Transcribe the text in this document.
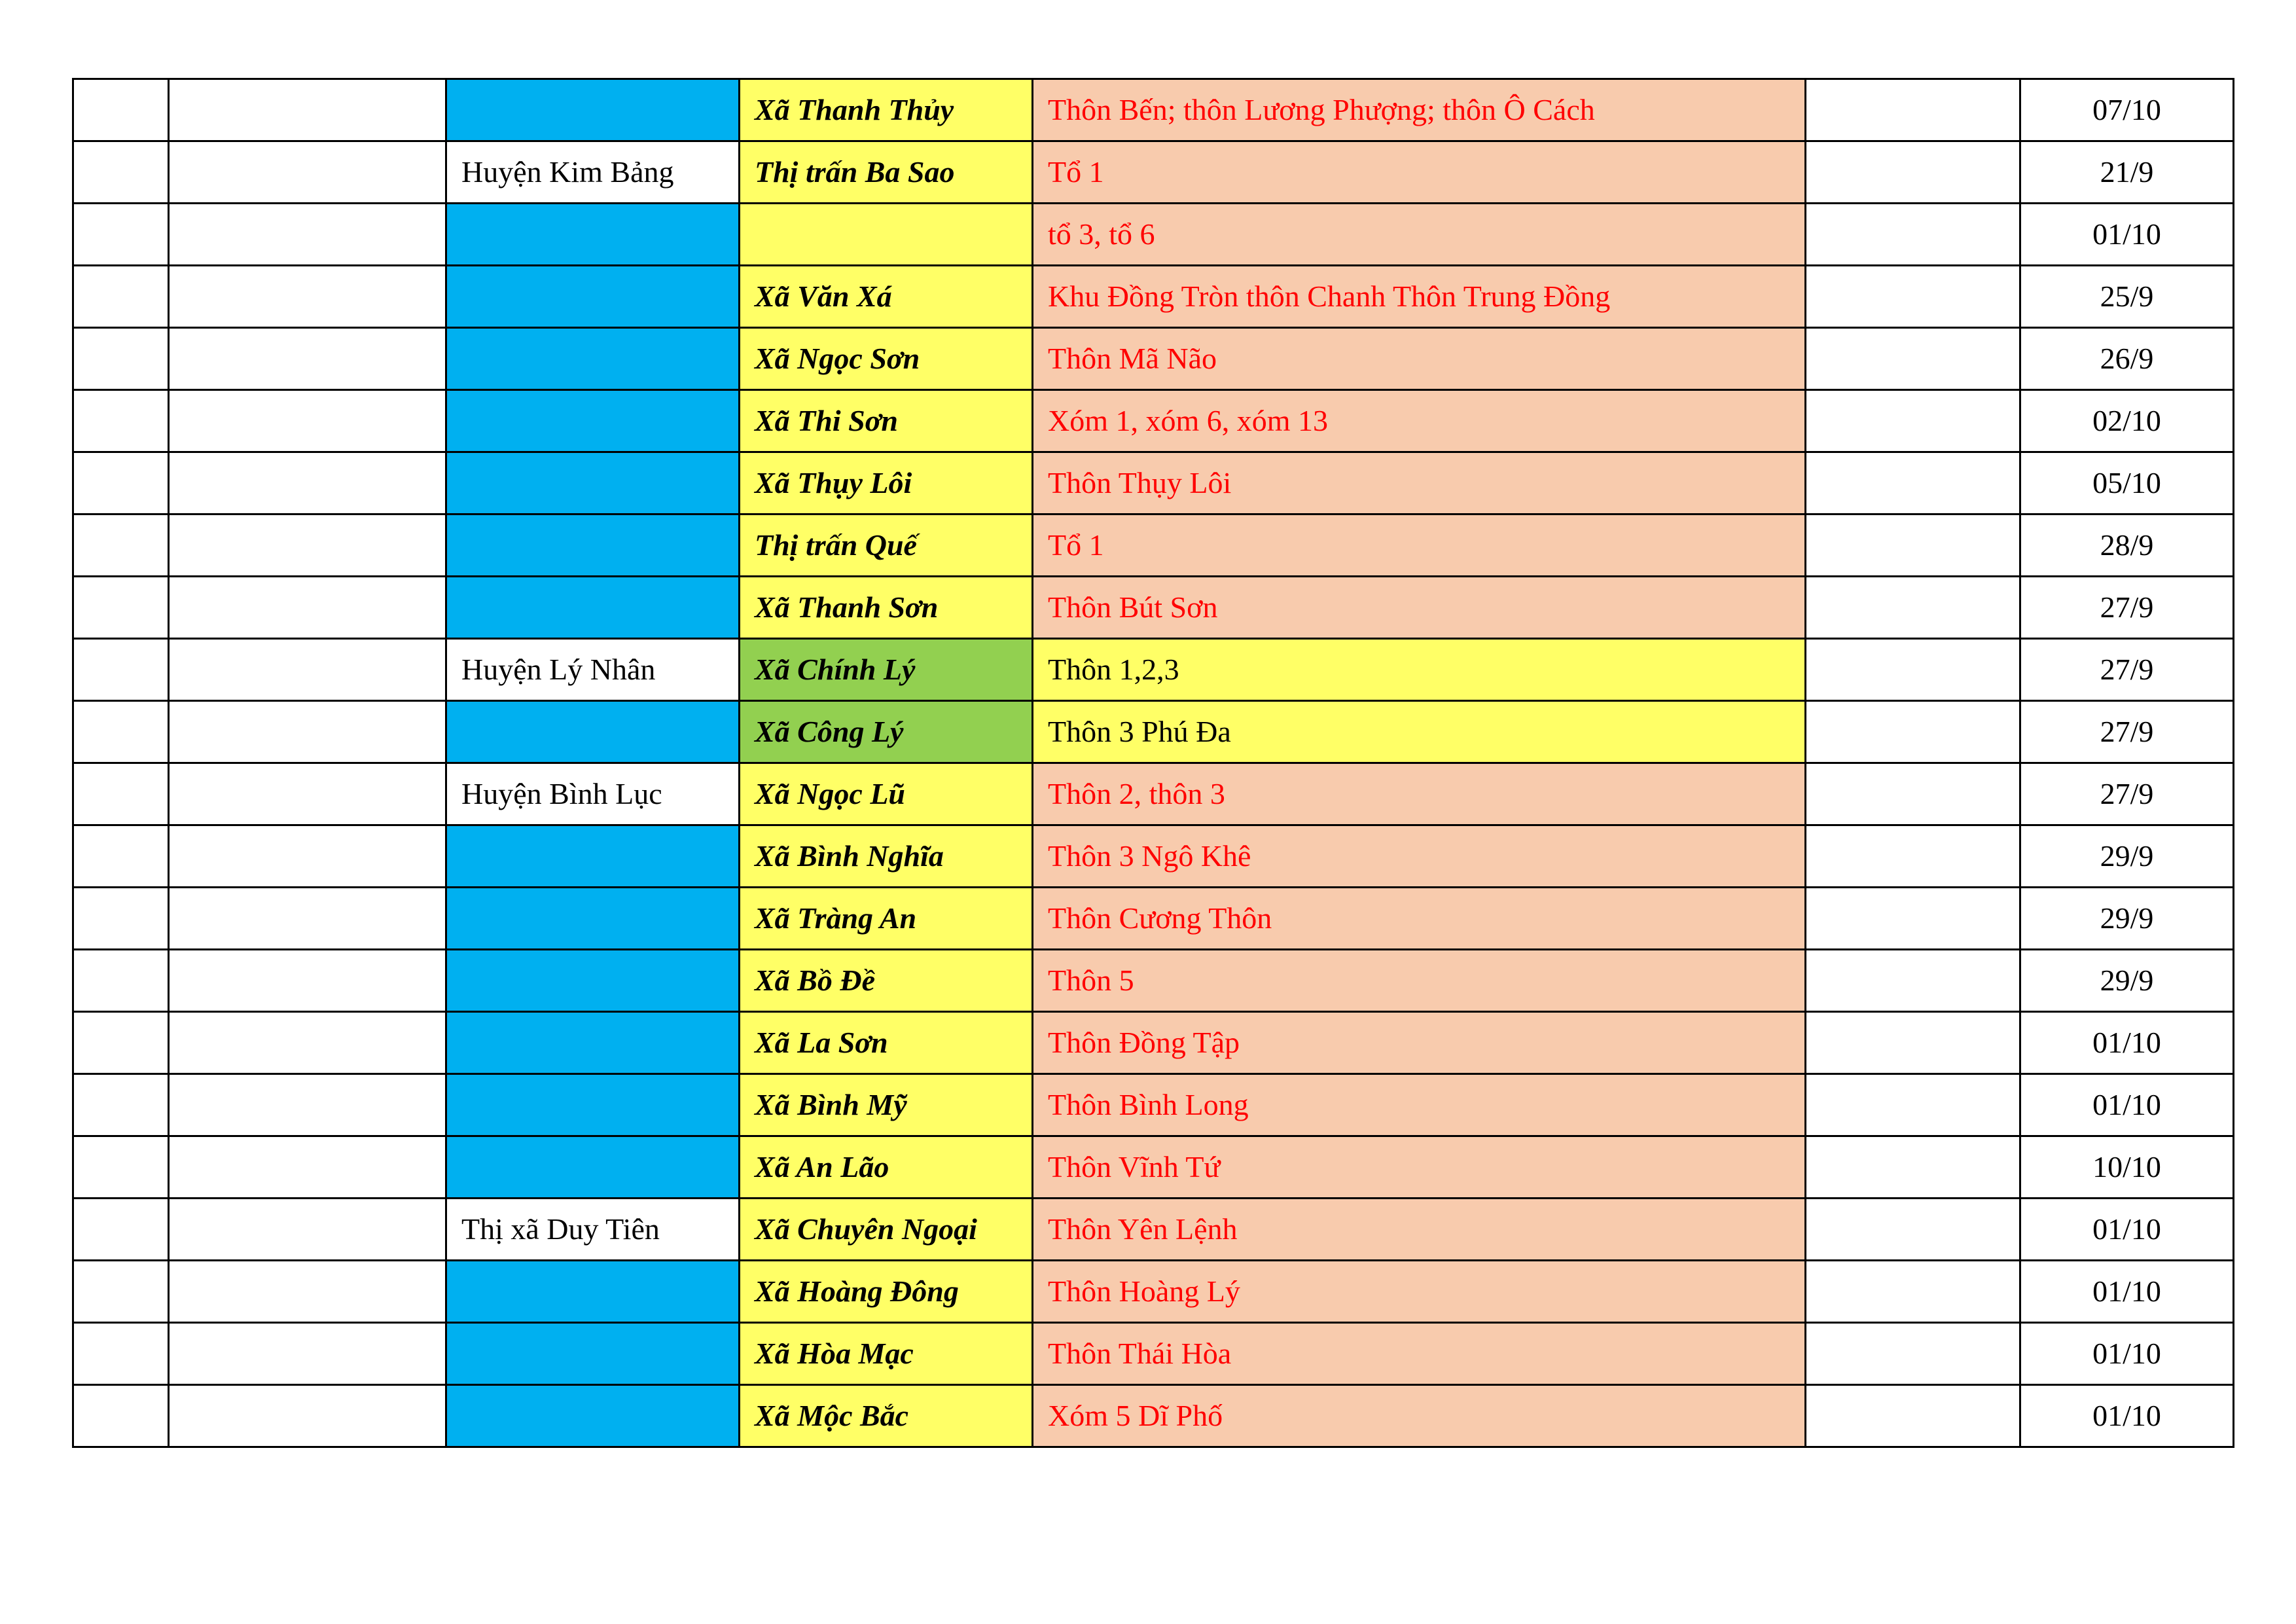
			Xã Thanh Thủy	Thôn Bến; thôn Lương Phượng; thôn Ô Cách		07/10
		Huyện Kim Bảng	Thị trấn Ba Sao	Tổ 1		21/9
				tổ 3, tổ 6		01/10
			Xã Văn Xá	Khu Đồng Tròn thôn Chanh Thôn Trung Đồng		25/9
			Xã Ngọc Sơn	Thôn Mã Não		26/9
			Xã Thi Sơn	Xóm 1, xóm 6, xóm 13		02/10
			Xã Thụy Lôi	Thôn Thụy Lôi		05/10
			Thị trấn Quế	Tổ 1		28/9
			Xã Thanh Sơn	Thôn Bút Sơn		27/9
		Huyện Lý Nhân	Xã Chính Lý	Thôn 1,2,3		27/9
			Xã Công Lý	Thôn 3 Phú Đa		27/9
		Huyện Bình Lục	Xã Ngọc Lũ	Thôn 2, thôn 3		27/9
			Xã Bình Nghĩa	Thôn 3 Ngô Khê		29/9
			Xã Tràng An	Thôn Cương Thôn		29/9
			Xã Bồ Đề	Thôn 5		29/9
			Xã La Sơn	Thôn Đồng Tập		01/10
			Xã Bình Mỹ	Thôn Bình Long		01/10
			Xã An Lão	Thôn Vĩnh Tứ		10/10
		Thị xã Duy Tiên	Xã Chuyên Ngoại	Thôn Yên Lệnh		01/10
			Xã Hoàng Đông	Thôn Hoàng Lý		01/10
			Xã Hòa Mạc	Thôn Thái Hòa		01/10
			Xã Mộc Bắc	Xóm 5 Dĩ Phố		01/10
